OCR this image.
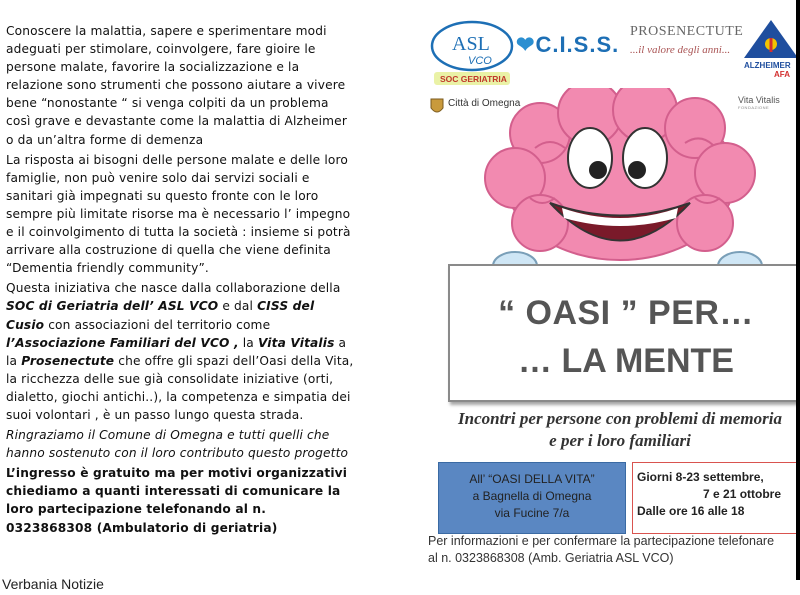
Conoscere la malattia, sapere e sperimentare modi adeguati per stimolare, coinvolgere, fare gioire le persone malate, favorire la socializzazione e la relazione sono strumenti che possono aiutare a vivere bene “nonostante “ si venga colpiti da un problema così grave e devastante come la malattia di Alzheimer o da un’altra forme di demenza

La risposta ai bisogni delle persone malate e delle loro famiglie, non può venire solo dai servizi sociali e sanitari già impegnati su questo fronte con le loro sempre più limitate risorse ma è necessario l’ impegno e il coinvolgimento di tutta la società : insieme si potrà arrivare alla costruzione di quella che viene definita “Dementia friendly community”.

Questa iniziativa che nasce dalla collaborazione della SOC di Geriatria dell’ ASL VCO e dal CISS del Cusio con associazioni del territorio come l’Associazione Familiari del VCO , la Vita Vitalis a la Prosenectute che offre gli spazi dell’Oasi della Vita, la ricchezza delle sue già consolidate iniziative (orti, dialetto, giochi antichi..), la competenza e simpatia dei suoi volontari , è un passo lungo questa strada.

Ringraziamo il Comune di Omegna e tutti quelli che hanno sostenuto con il loro contributo questo progetto

L’ingresso è gratuito ma per motivi organizzativi chiediamo a quanti interessati di comunicare la loro partecipazione telefonando al n. 0323868308 (Ambulatorio di geriatria)

Verbania Notizie
ASL
VCO
SOC GERIATRIA
❤C.I.S.S.
PROSENECTUTE
...il valore degli anni...
ALZHEIMER
AFA
Città di Omegna	Vita Vitalis
FONDAZIONE
“ OASI ” PER…
… LA MENTE
Incontri per persone con problemi di memoria
e per i loro familiari
All’ “OASI DELLA VITA”
a Bagnella di Omegna
via Fucine 7/a
Giorni 8-23 settembre,
7 e 21 ottobre
Dalle ore 16 alle 18
Per informazioni e per confermare la partecipazione telefonare
al n. 0323868308 (Amb. Geriatria ASL VCO)
